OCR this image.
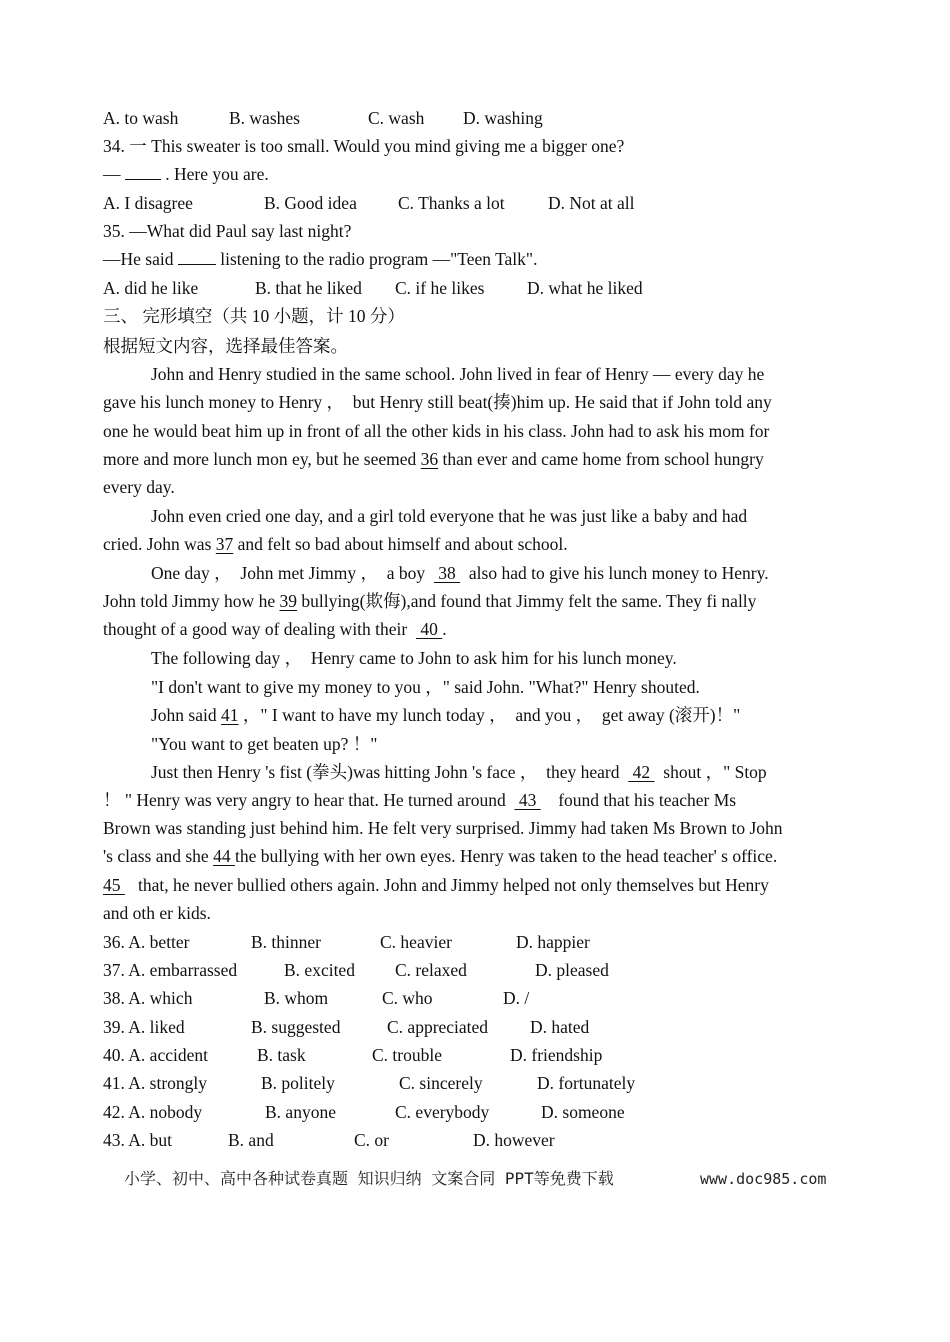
A. to wash	B. washes	C. wash D. washing
34. 一 This sweater is too small. Would you mind giving me a bigger one?
—  . Here you are.
A. I disagree	B. Good idea C. Thanks a lot D. Not at all
35. —What did Paul say last night?
—He said  listening to the radio program —"Teen Talk".
A. did he like	B. that he liked C. if he likes D. what he liked
三、 完形填空（共 10 小题，计 10 分）
根据短文内容，选择最佳答案。
John and Henry studied in the same school. John lived in fear of Henry — every day he
gave his lunch money to Henry ，  but Henry still beat(揍)him up. He said that if John told any
one he would beat him up in front of all the other kids in his class. John had to ask his mom for
more and more lunch mon ey, but he seemed 36 than ever and came home from school hungry
every day.
John even cried one day, and a girl told everyone that he was just like a baby and had
cried. John was 37 and felt so bad about himself and about school.
One day ，  John met Jimmy ，  a boy   38   also had to give his lunch money to Henry.
John told Jimmy how he 39 bullying(欺侮),and found that Jimmy felt the same. They fi nally
thought of a good way of dealing with their   40 .
The following day ，  Henry came to John to ask him for his lunch money.
"I don't want to give my money to you ，" said John. "What?" Henry shouted.
John said 41 ，" I want to have my lunch today ，  and you ，  get away (滚开)！"
"You want to get beaten up? ！"
Just then Henry 's fist (拳头)was hitting John 's face ，  they heard   42   shout ，" Stop
！ " Henry was very angry to hear that. He turned around   43     found that his teacher Ms
Brown was standing just behind him. He felt very surprised. Jimmy had taken Ms Brown to John
's class and she 44 the bullying with her own eyes. Henry was taken to the head teacher' s office.
45    that, he never bullied others again. John and Jimmy helped not only themselves but Henry
and oth er kids.
36. A. better	B. thinner	C. heavier	D. happier
37. A. embarrassed	B. excited C. relaxed	D. pleased
38. A. which	B. whom	C. who	D. /
39. A. liked	B. suggested	C. appreciated D. hated
40. A. accident	B. task	C. trouble	D. friendship
41. A. strongly	B. politely	C. sincerely	D. fortunately
42. A. nobody	B. anyone	C. everybody	D. someone
43. A. but	B. and	C. or	D. however
小学、初中、高中各种试卷真题 知识归纳 文案合同 PPT等免费下载	www.doc985.com
